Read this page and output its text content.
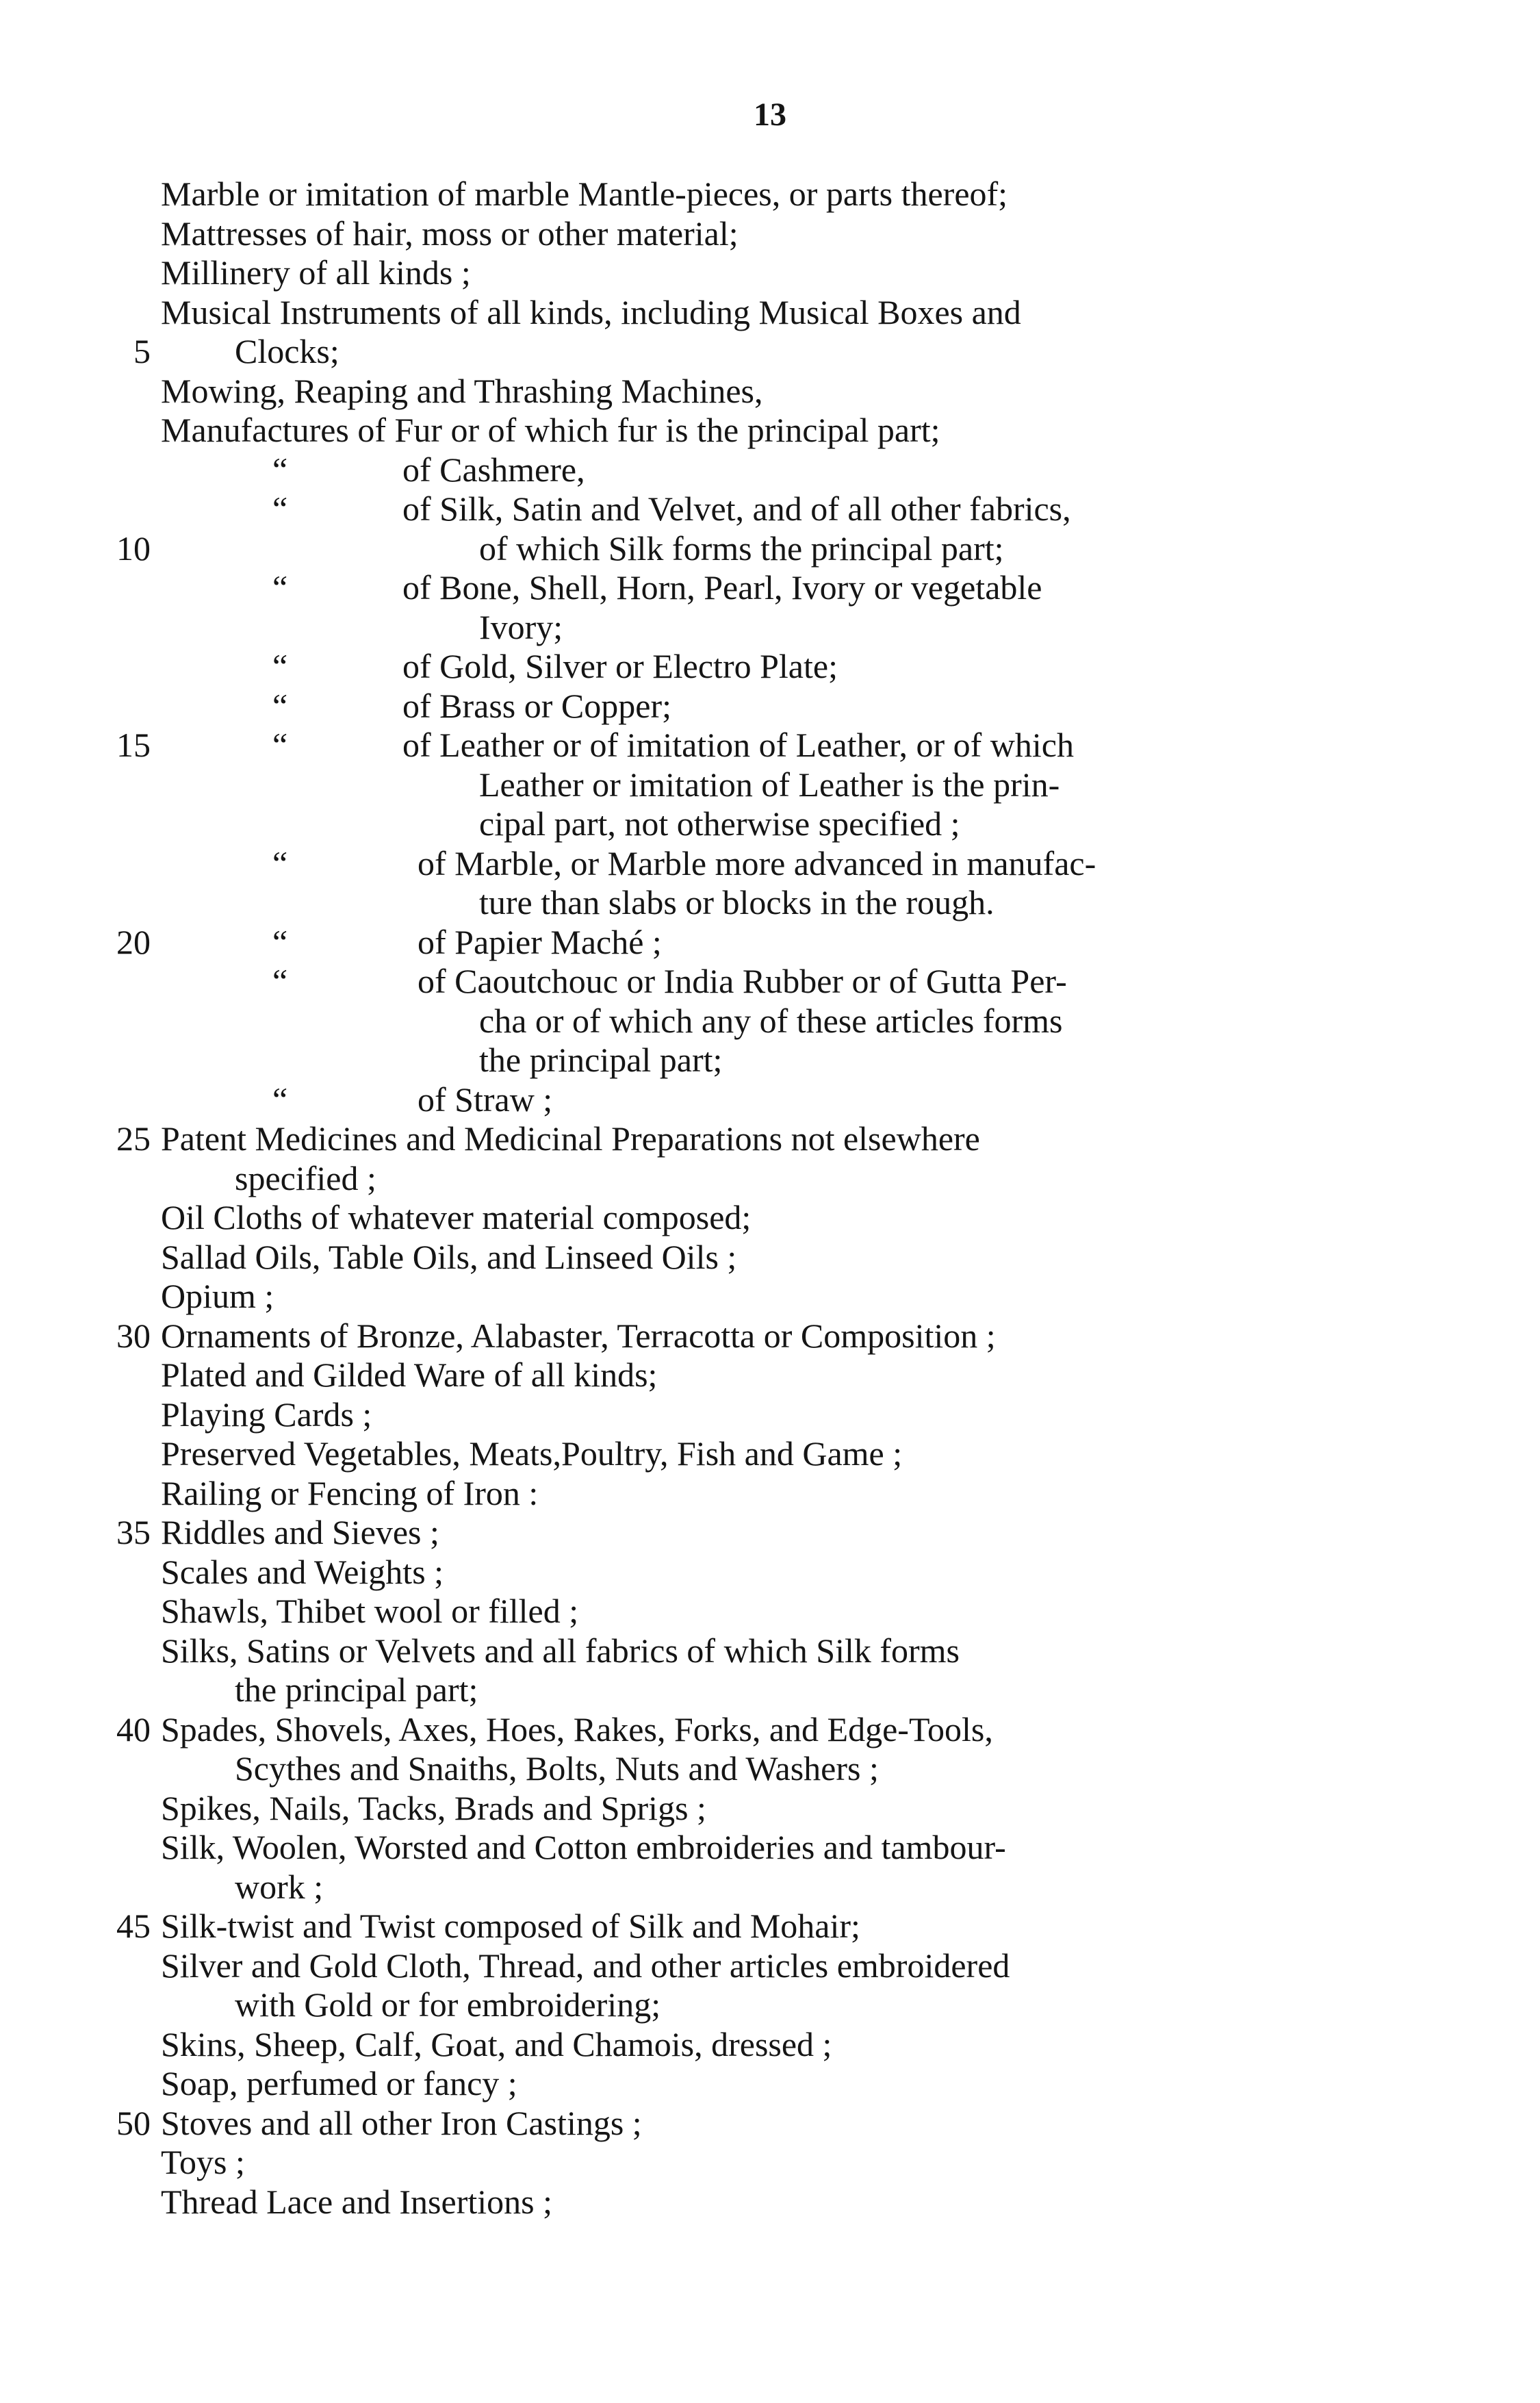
13
Marble or imitation of marble Mantle-pieces, or parts thereof;
Mattresses of hair, moss or other material;
Millinery of all kinds ;
Musical Instruments of all kinds, including Musical Boxes and
5 Clocks;
Mowing, Reaping and Thrashing Machines,
Manufactures of Fur or of which fur is the principal part;
“	of Cashmere,
“	of Silk, Satin and Velvet, and of all other fabrics,
10	of which Silk forms the principal part;
“	of Bone, Shell, Horn, Pearl, Ivory or vegetable
Ivory;
“	of Gold, Silver or Electro Plate;
“	of Brass or Copper;
15	“	of Leather or of imitation of Leather, or of which
Leather or imitation of Leather is the prin-
cipal part, not otherwise specified ;
“	of Marble, or Marble more advanced in manufac-
ture than slabs or blocks in the rough.
20	“	of Papier Maché ;
“	of Caoutchouc or India Rubber or of Gutta Per-
cha or of which any of these articles forms
the principal part;
“	of Straw ;
25 Patent Medicines and Medicinal Preparations not elsewhere
specified ;
Oil Cloths of whatever material composed;
Sallad Oils, Table Oils, and Linseed Oils ;
Opium ;
30 Ornaments of Bronze, Alabaster, Terracotta or Composition ;
Plated and Gilded Ware of all kinds;
Playing Cards ;
Preserved Vegetables, Meats,Poultry, Fish and Game ;
Railing or Fencing of Iron :
35 Riddles and Sieves ;
Scales and Weights ;
Shawls, Thibet wool or filled ;
Silks, Satins or Velvets and all fabrics of which Silk forms
the principal part;
40 Spades, Shovels, Axes, Hoes, Rakes, Forks, and Edge-Tools,
Scythes and Snaiths, Bolts, Nuts and Washers ;
Spikes, Nails, Tacks, Brads and Sprigs ;
Silk, Woolen, Worsted and Cotton embroideries and tambour-
work ;
45 Silk-twist and Twist composed of Silk and Mohair;
Silver and Gold Cloth, Thread, and other articles embroidered
with Gold or for embroidering;
Skins, Sheep, Calf, Goat, and Chamois, dressed ;
Soap, perfumed or fancy ;
50 Stoves and all other Iron Castings ;
Toys ;
Thread Lace and Insertions ;
